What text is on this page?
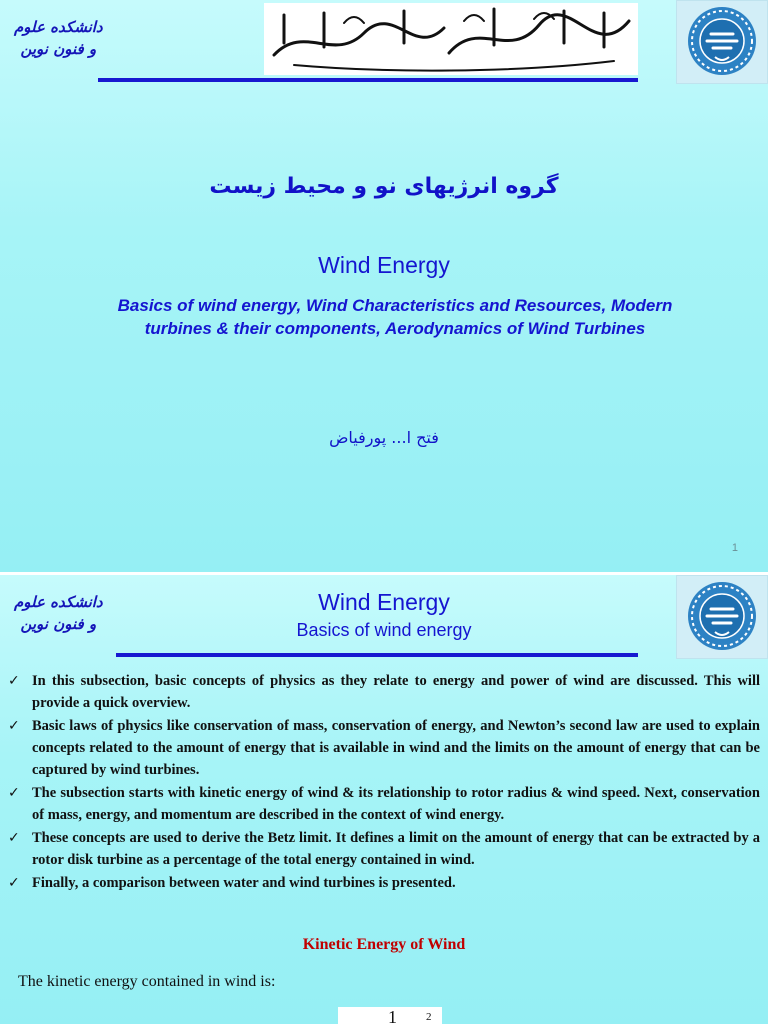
دانشکده علوم
و فنون نوین
گروه انرژیهای نو و محیط زیست
Wind Energy
Basics of wind energy, Wind Characteristics and Resources, Modern turbines & their components, Aerodynamics of Wind Turbines
فتح ا... پورفیاض
1
دانشکده علوم
و فنون نوین
Wind Energy
Basics of wind energy
✓ In this subsection, basic concepts of physics as they relate to energy and power of wind are discussed. This will provide a quick overview.
✓ Basic laws of physics like conservation of mass, conservation of energy, and Newton’s second law are used to explain concepts related to the amount of energy that is available in wind and the limits on the amount of energy that can be captured by wind turbines.
✓ The subsection starts with kinetic energy of wind & its relationship to rotor radius & wind speed. Next, conservation of mass, energy, and momentum are described in the context of wind energy.
✓ These concepts are used to derive the Betz limit. It defines a limit on the amount of energy that can be extracted by a rotor disk turbine as a percentage of the total energy contained in wind.
✓ Finally, a comparison between water and wind turbines is presented.
Kinetic Energy of Wind
The kinetic energy contained in wind is:
1	2
